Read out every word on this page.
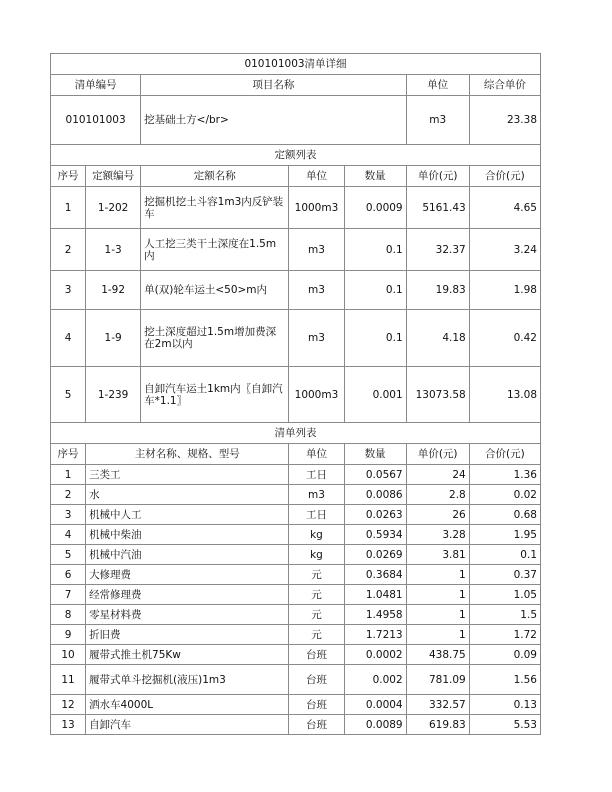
010101003清单详细						
清单编号		项目名称			单位	综合单价
010101003		挖基础土方</br>			m3	23.38
定额列表						
序号	定额编号	定额名称	单位	数量	单价(元)	合价(元)
1	1-202	挖掘机挖土斗容1m3内反铲装车	1000m3	0.0009	5161.43	4.65
2	1-3	人工挖三类干土深度在1.5m内	m3	0.1	32.37	3.24
3	1-92	单(双)轮车运土<50>m内	m3	0.1	19.83	1.98
4	1-9	挖土深度超过1.5m增加费深在2m以内	m3	0.1	4.18	0.42
5	1-239	自卸汽车运土1km内〖自卸汽车*1.1〗	1000m3	0.001	13073.58	13.08
清单列表						
序号	主材名称、规格、型号		单位	数量	单价(元)	合价(元)
1	三类工		工日	0.0567	24	1.36
2	水		m3	0.0086	2.8	0.02
3	机械中人工		工日	0.0263	26	0.68
4	机械中柴油		kg	0.5934	3.28	1.95
5	机械中汽油		kg	0.0269	3.81	0.1
6	大修理费		元	0.3684	1	0.37
7	经常修理费		元	1.0481	1	1.05
8	零星材料费		元	1.4958	1	1.5
9	折旧费		元	1.7213	1	1.72
10	履带式推土机75Kw		台班	0.0002	438.75	0.09
11	履带式单斗挖掘机(液压)1m3		台班	0.002	781.09	1.56
12	洒水车4000L		台班	0.0004	332.57	0.13
13	自卸汽车		台班	0.0089	619.83	5.53
